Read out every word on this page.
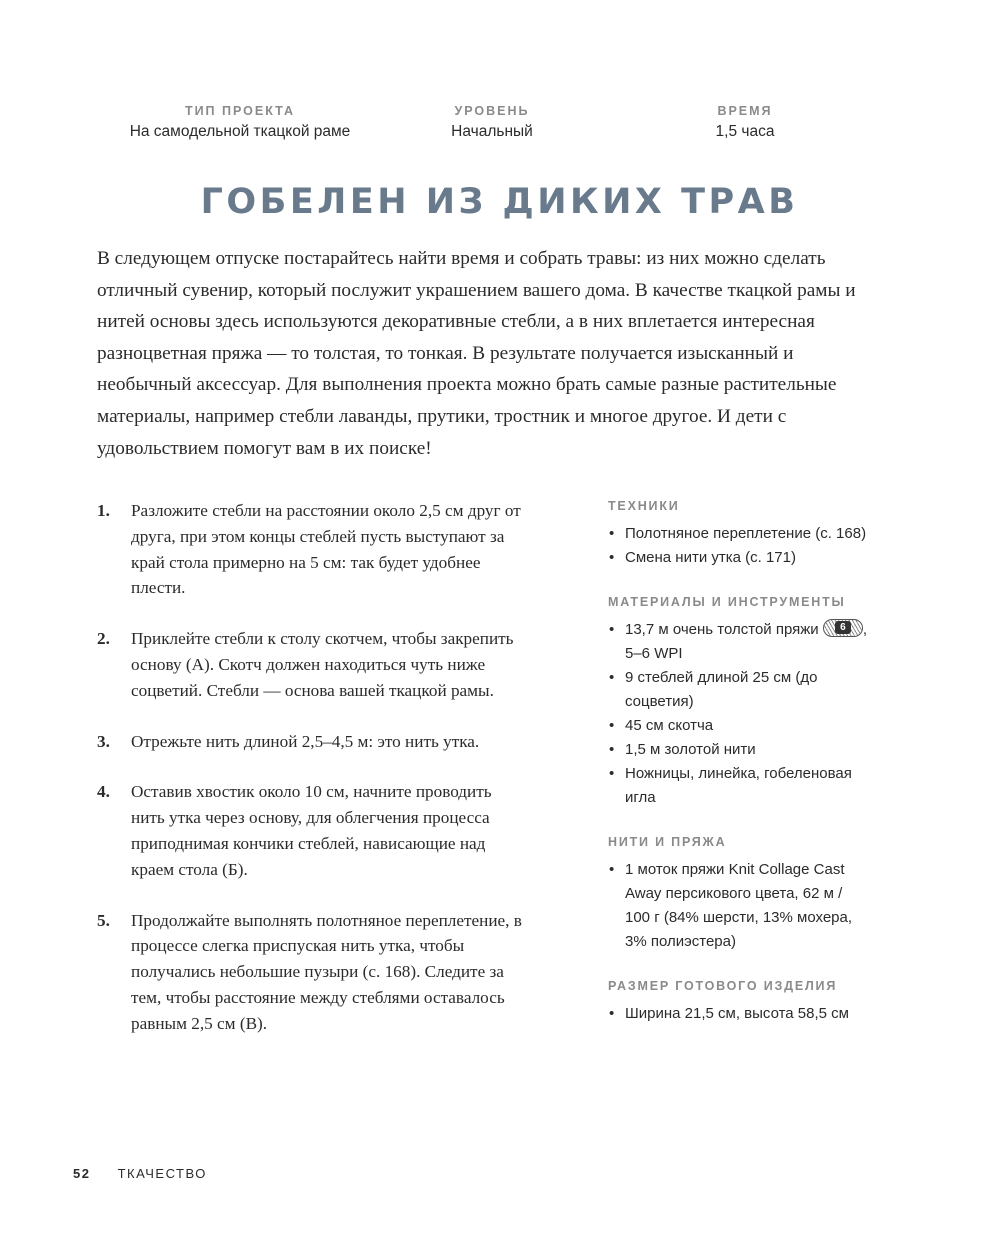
ТИП ПРОЕКТА
На самодельной ткацкой раме
УРОВЕНЬ
Начальный
ВРЕМЯ
1,5 часа
ГОБЕЛЕН ИЗ ДИКИХ ТРАВ

В следующем отпуске постарайтесь найти время и собрать травы: из них можно сделать отличный сувенир, который послужит украшением вашего дома. В качестве ткацкой рамы и нитей основы здесь используются декоративные стебли, а в них вплетается интересная разноцветная пряжа — то толстая, то тонкая. В результате получается изысканный и необычный аксессуар. Для выполнения проекта можно брать самые разные растительные материалы, например стебли лаванды, прутики, тростник и многое другое. И дети с удовольствием помогут вам в их поиске!

1. Разложите стебли на расстоянии около 2,5 см друг от друга, при этом концы стеблей пусть выступают за край стола примерно на 5 см: так будет удобнее плести.
2. Приклейте стебли к столу скотчем, чтобы закрепить основу (А). Скотч должен находиться чуть ниже соцветий. Стебли — основа вашей ткацкой рамы.
3. Отрежьте нить длиной 2,5–4,5 м: это нить утка.
4. Оставив хвостик около 10 см, начните проводить нить утка через основу, для облегчения процесса приподнимая кончики стеблей, нависающие над краем стола (Б).
5. Продолжайте выполнять полотняное переплетение, в процессе слегка приспуская нить утка, чтобы получались небольшие пузыри (с. 168). Следите за тем, чтобы расстояние между стеблями оставалось равным 2,5 см (В).
ТЕХНИКИ
• Полотняное переплетение (с. 168)
• Смена нити утка (с. 171)
МАТЕРИАЛЫ И ИНСТРУМЕНТЫ
• 13,7 м очень толстой пряжи	6	,
5–6 WPI
• 9 стеблей длиной 25 см (до соцветия)
• 45 см скотча
• 1,5 м золотой нити
• Ножницы, линейка, гобеленовая игла
НИТИ И ПРЯЖА
• 1 моток пряжи Knit Collage Cast Away персикового цвета, 62 м / 100 г (84% шерсти, 13% мохера, 3% полиэстера)
РАЗМЕР ГОТОВОГО ИЗДЕЛИЯ
• Ширина 21,5 см, высота 58,5 см
52 ТКАЧЕСТВО
